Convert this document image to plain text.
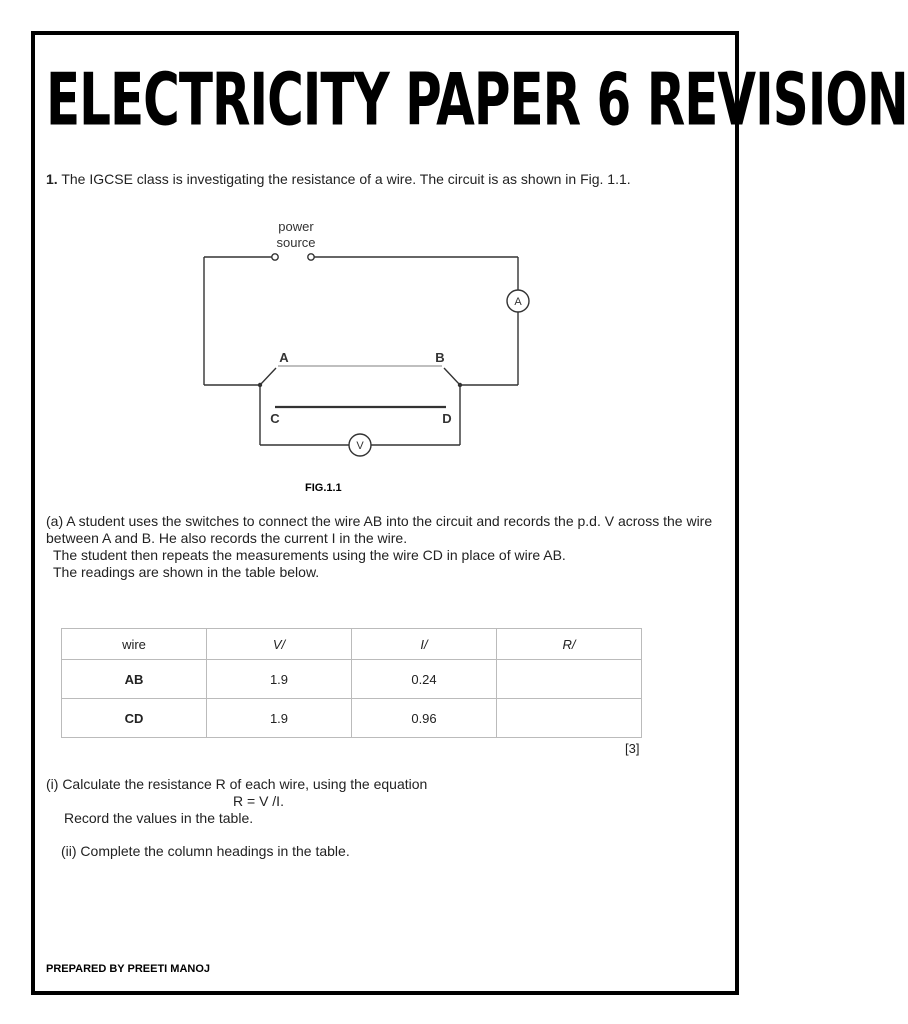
ELECTRICITY PAPER 6 REVISION
1. The IGCSE class is investigating the resistance of a wire. The circuit is as shown in Fig. 1.1.
power
source
A
V
A	B
C	D
FIG.1.1
(a) A student uses the switches to connect the wire AB into the circuit and records the p.d. V across the wire
between A and B. He also records the current I in the wire.
The student then repeats the measurements using the wire CD in place of wire AB.
The readings are shown in the table below.
wire	V/	I/	R/
AB	1.9	0.24	
CD	1.9	0.96	
[3]
(i) Calculate the resistance R of each wire, using the equation
R = V /I.
Record the values in the table.
(ii) Complete the column headings in the table.
PREPARED BY PREETI MANOJ
